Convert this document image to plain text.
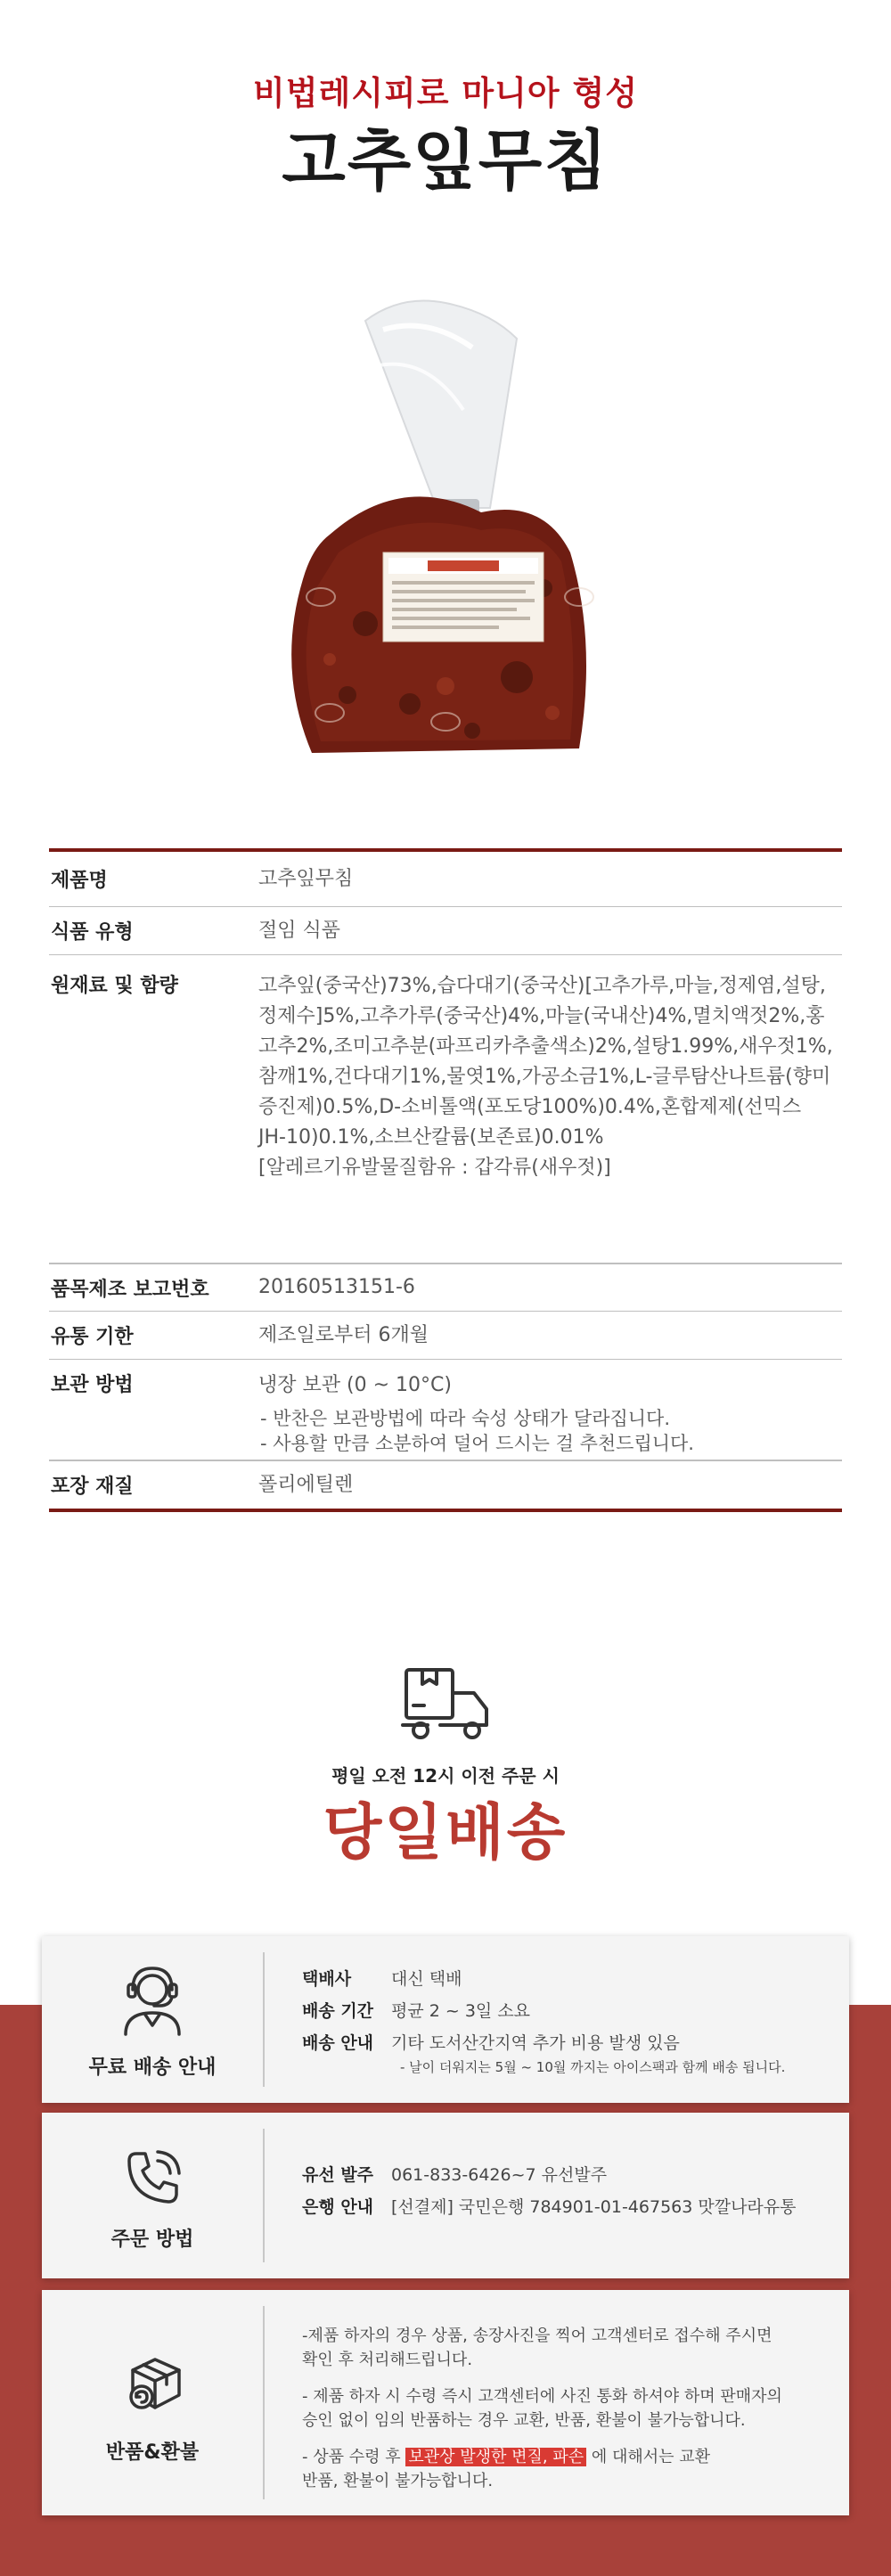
비법레시피로 마니아 형성
고추잎무침
제품명	고추잎무침
식품 유형	절임 식품
원재료 및 함량	고추잎(중국산)73%,습다대기(중국산)[고추가루,마늘,정제염,설탕,
정제수]5%,고추가루(중국산)4%,마늘(국내산)4%,멸치액젓2%,홍
고추2%,조미고추분(파프리카추출색소)2%,설탕1.99%,새우젓1%,
참깨1%,건다대기1%,물엿1%,가공소금1%,L-글루탐산나트륨(향미
증진제)0.5%,D-소비톨액(포도당100%)0.4%,혼합제제(선믹스
JH-10)0.1%,소브산칼륨(보존료)0.01%
[알레르기유발물질함유 : 갑각류(새우젓)]
품목제조 보고번호	20160513151-6
유통 기한	제조일로부터 6개월
보관 방법	냉장 보관 (0 ~ 10°C)
- 반찬은 보관방법에 따라 숙성 상태가 달라집니다.
- 사용할 만큼 소분하여 덜어 드시는 걸 추천드립니다.
포장 재질	폴리에틸렌
평일 오전 12시 이전 주문 시
당일배송
무료 배송 안내
택배사	대신 택배
배송 기간	평균 2 ~ 3일 소요
배송 안내	기타 도서산간지역 추가 비용 발생 있음
- 날이 더워지는 5월 ~ 10월 까지는 아이스팩과 함께 배송 됩니다.
주문 방법
유선 발주	061-833-6426~7 유선발주
은행 안내	[선결제] 국민은행 784901-01-467563 맛깔나라유통
반품&환불
-제품 하자의 경우 상품, 송장사진을 찍어 고객센터로 접수해 주시면
확인 후 처리해드립니다.
- 제품 하자 시 수령 즉시 고객센터에 사진 통화 하셔야 하며 판매자의
승인 없이 임의 반품하는 경우 교환, 반품, 환불이 불가능합니다.
- 상품 수령 후 보관상 발생한 변질, 파손 에 대해서는 교환
반품, 환불이 불가능합니다.
